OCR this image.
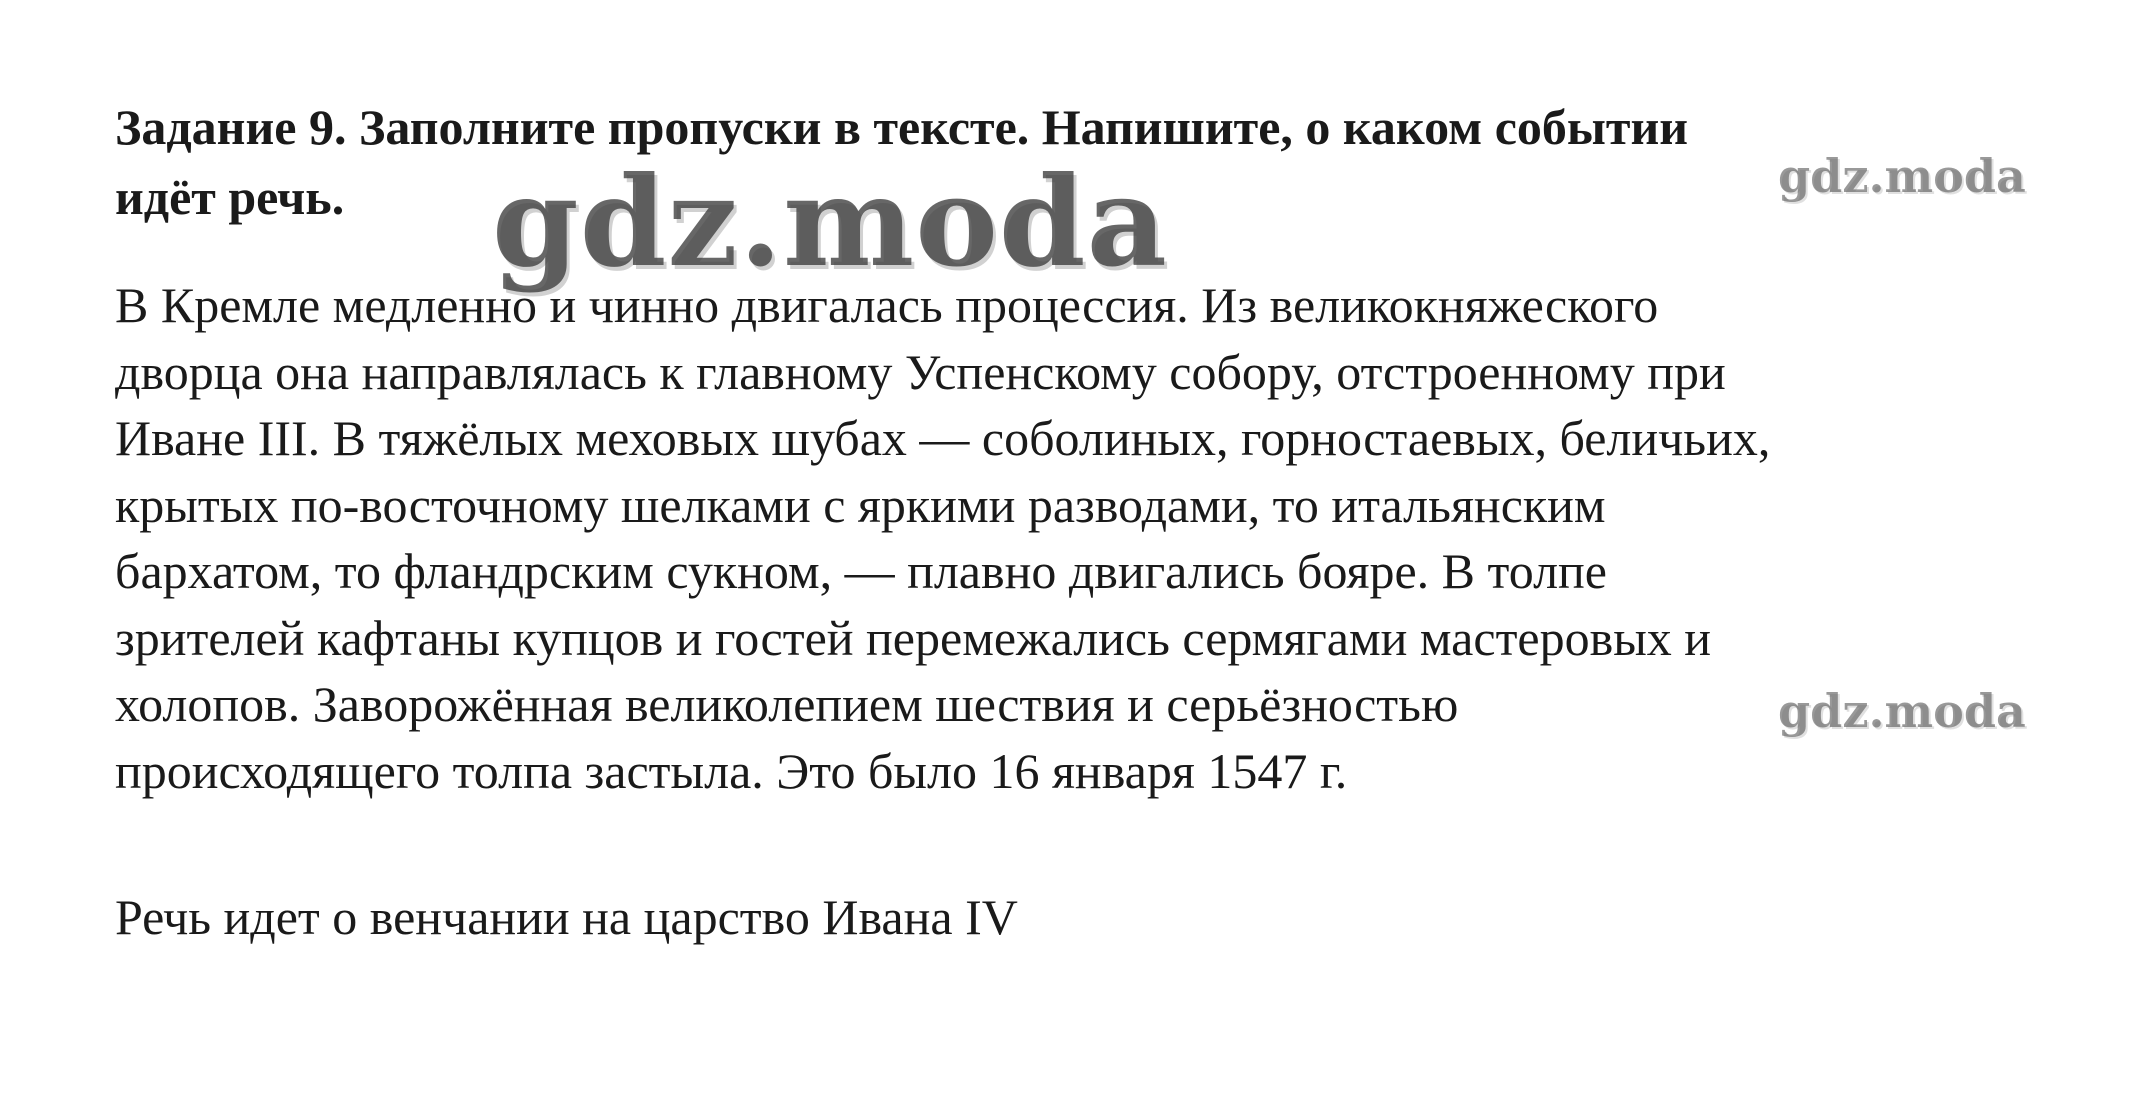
Задание 9. Заполните пропуски в тексте. Напишите, о каком событии
идёт речь.
В Кремле медленно и чинно двигалась процессия. Из великокняжеского
дворца она направлялась к главному Успенскому собору, отстроенному при
Иване III. В тяжёлых меховых шубах — соболиных, горностаевых, беличьих,
крытых по-восточному шелками с яркими разводами, то итальянским
бархатом, то фландрским сукном, — плавно двигались бояре. В толпе
зрителей кафтаны купцов и гостей перемежались сермягами мастеровых и
холопов. Заворожённая великолепием шествия и серьёзностью
происходящего толпа застыла. Это было 16 января 1547 г.

Речь идет о венчании на царство Ивана IV

gdz.moda	gdz.moda
gdz.moda
